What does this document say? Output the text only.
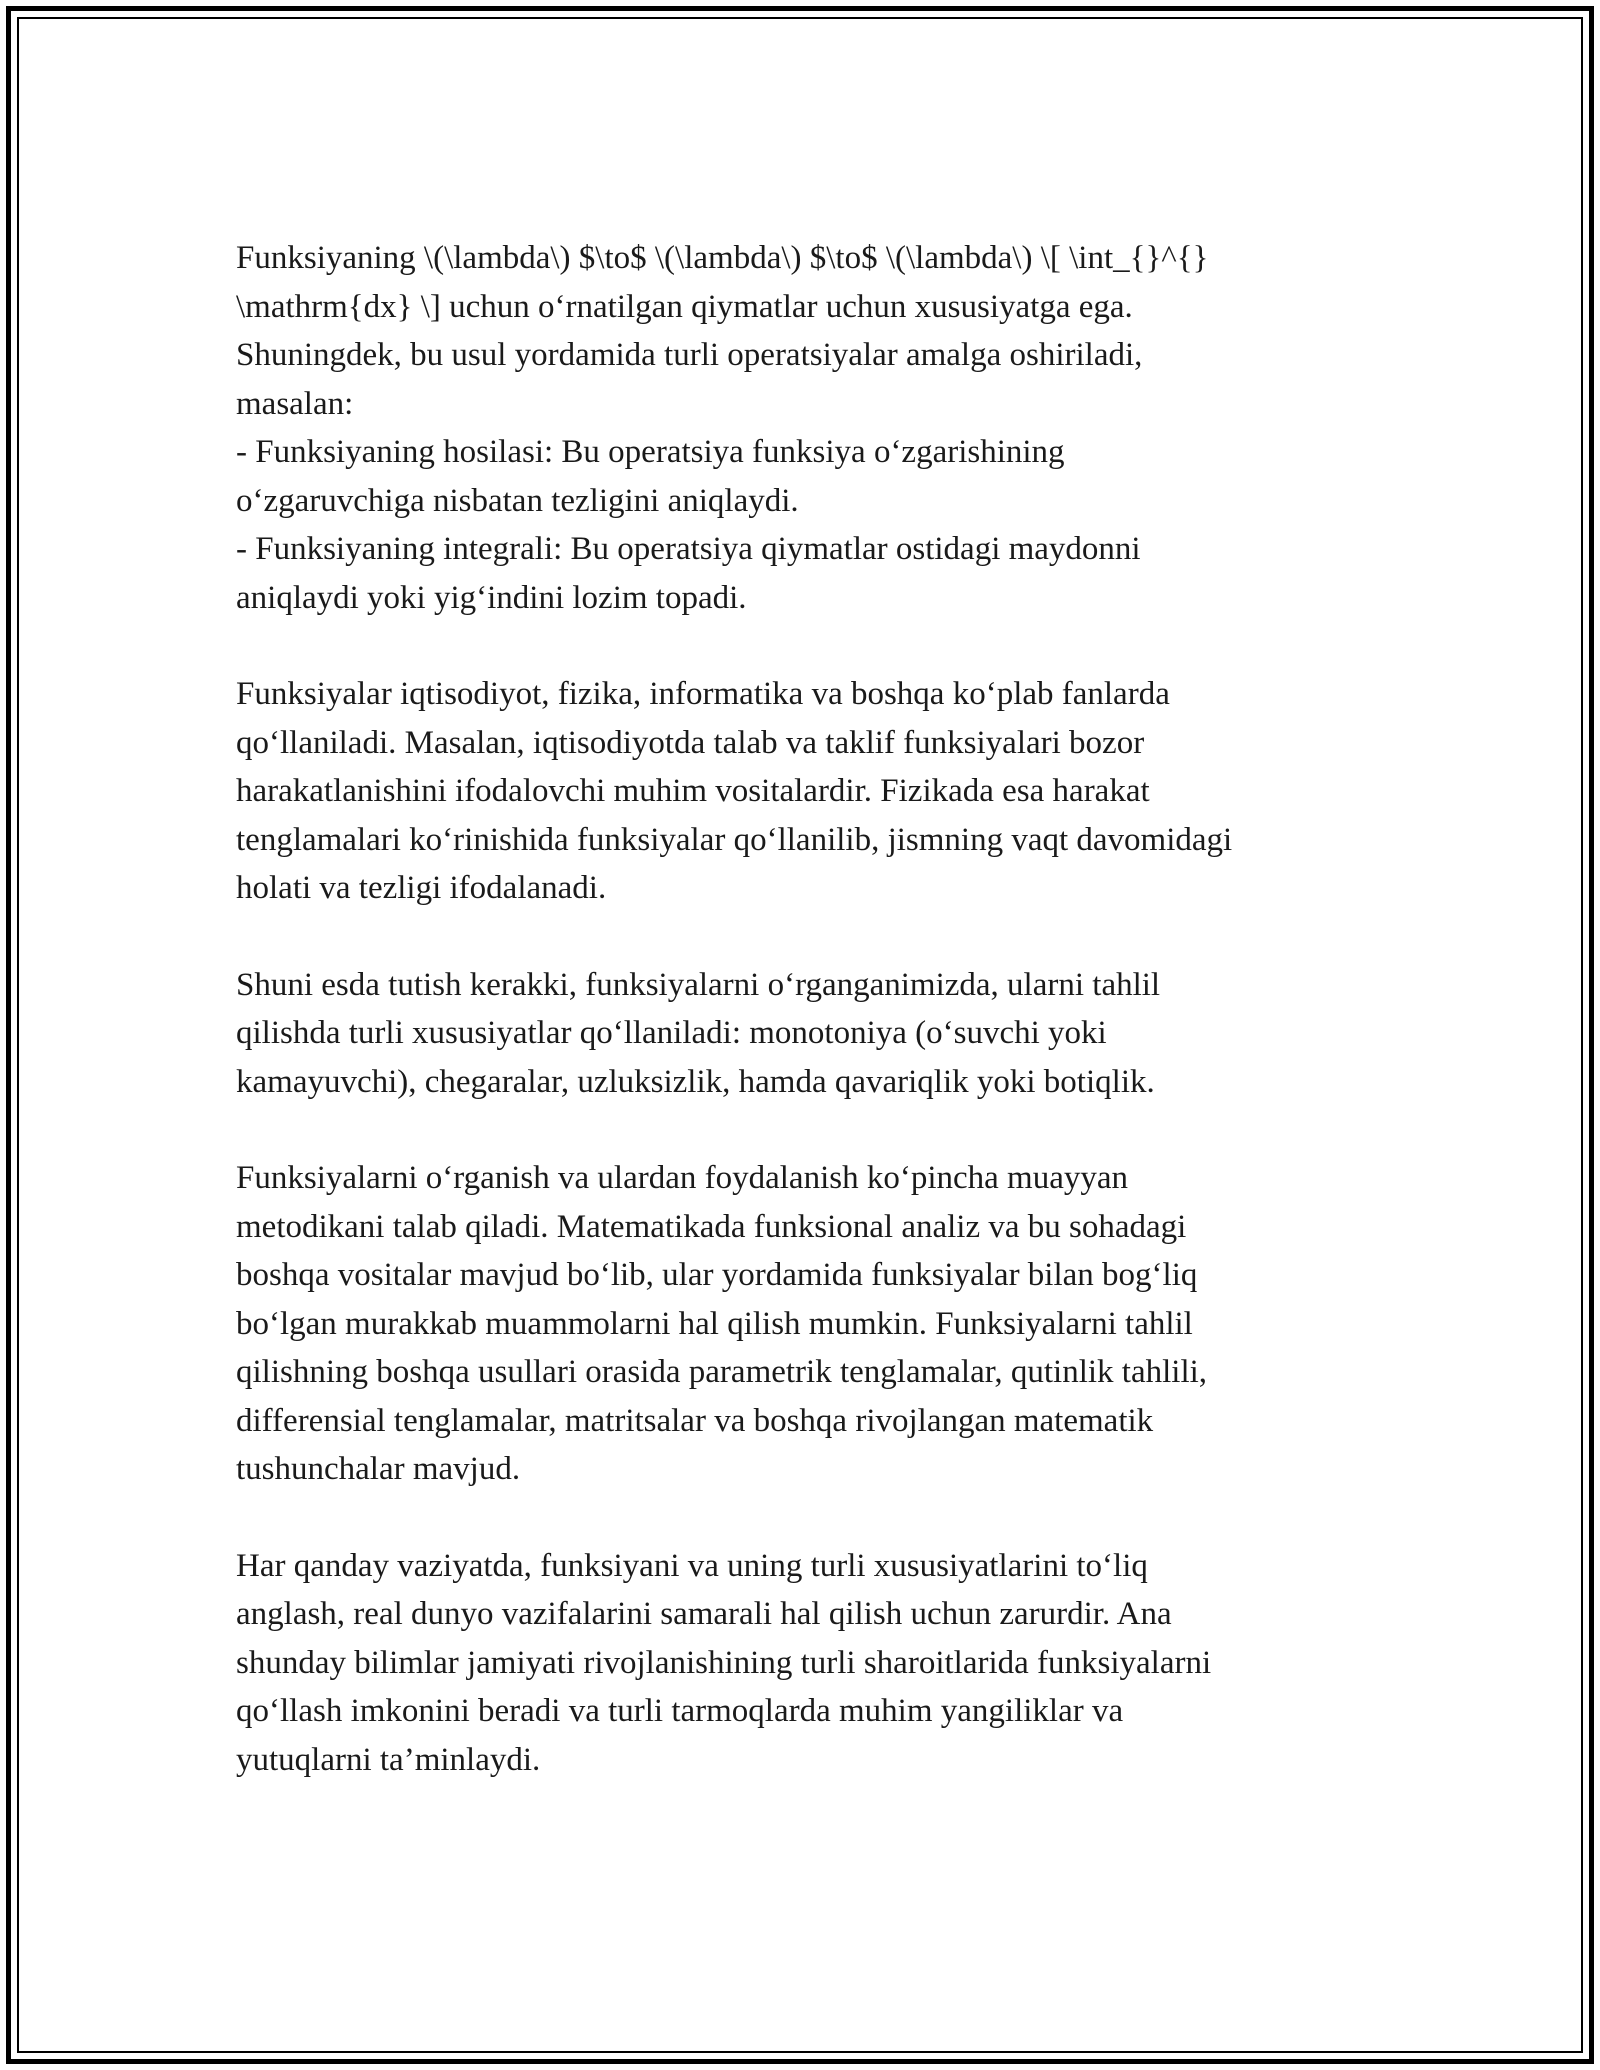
Funksiyaning \(\lambda\) $\to$ \(\lambda\) $\to$ \(\lambda\) \[ \int_{}^{}
\mathrm{dx} \] uchun o‘rnatilgan qiymatlar uchun xususiyatga ega.
Shuningdek, bu usul yordamida turli operatsiyalar amalga oshiriladi,
masalan:
- Funksiyaning hosilasi: Bu operatsiya funksiya o‘zgarishining
o‘zgaruvchiga nisbatan tezligini aniqlaydi.
- Funksiyaning integrali: Bu operatsiya qiymatlar ostidagi maydonni
aniqlaydi yoki yig‘indini lozim topadi.

Funksiyalar iqtisodiyot, fizika, informatika va boshqa ko‘plab fanlarda
qo‘llaniladi. Masalan, iqtisodiyotda talab va taklif funksiyalari bozor
harakatlanishini ifodalovchi muhim vositalardir. Fizikada esa harakat
tenglamalari ko‘rinishida funksiyalar qo‘llanilib, jismning vaqt davomidagi
holati va tezligi ifodalanadi.

Shuni esda tutish kerakki, funksiyalarni o‘rganganimizda, ularni tahlil
qilishda turli xususiyatlar qo‘llaniladi: monotoniya (o‘suvchi yoki
kamayuvchi), chegaralar, uzluksizlik, hamda qavariqlik yoki botiqlik.

Funksiyalarni o‘rganish va ulardan foydalanish ko‘pincha muayyan
metodikani talab qiladi. Matematikada funksional analiz va bu sohadagi
boshqa vositalar mavjud bo‘lib, ular yordamida funksiyalar bilan bog‘liq
bo‘lgan murakkab muammolarni hal qilish mumkin. Funksiyalarni tahlil
qilishning boshqa usullari orasida parametrik tenglamalar, qutinlik tahlili,
differensial tenglamalar, matritsalar va boshqa rivojlangan matematik
tushunchalar mavjud.

Har qanday vaziyatda, funksiyani va uning turli xususiyatlarini to‘liq
anglash, real dunyo vazifalarini samarali hal qilish uchun zarurdir. Ana
shunday bilimlar jamiyati rivojlanishining turli sharoitlarida funksiyalarni
qo‘llash imkonini beradi va turli tarmoqlarda muhim yangiliklar va
yutuqlarni ta’minlaydi.
